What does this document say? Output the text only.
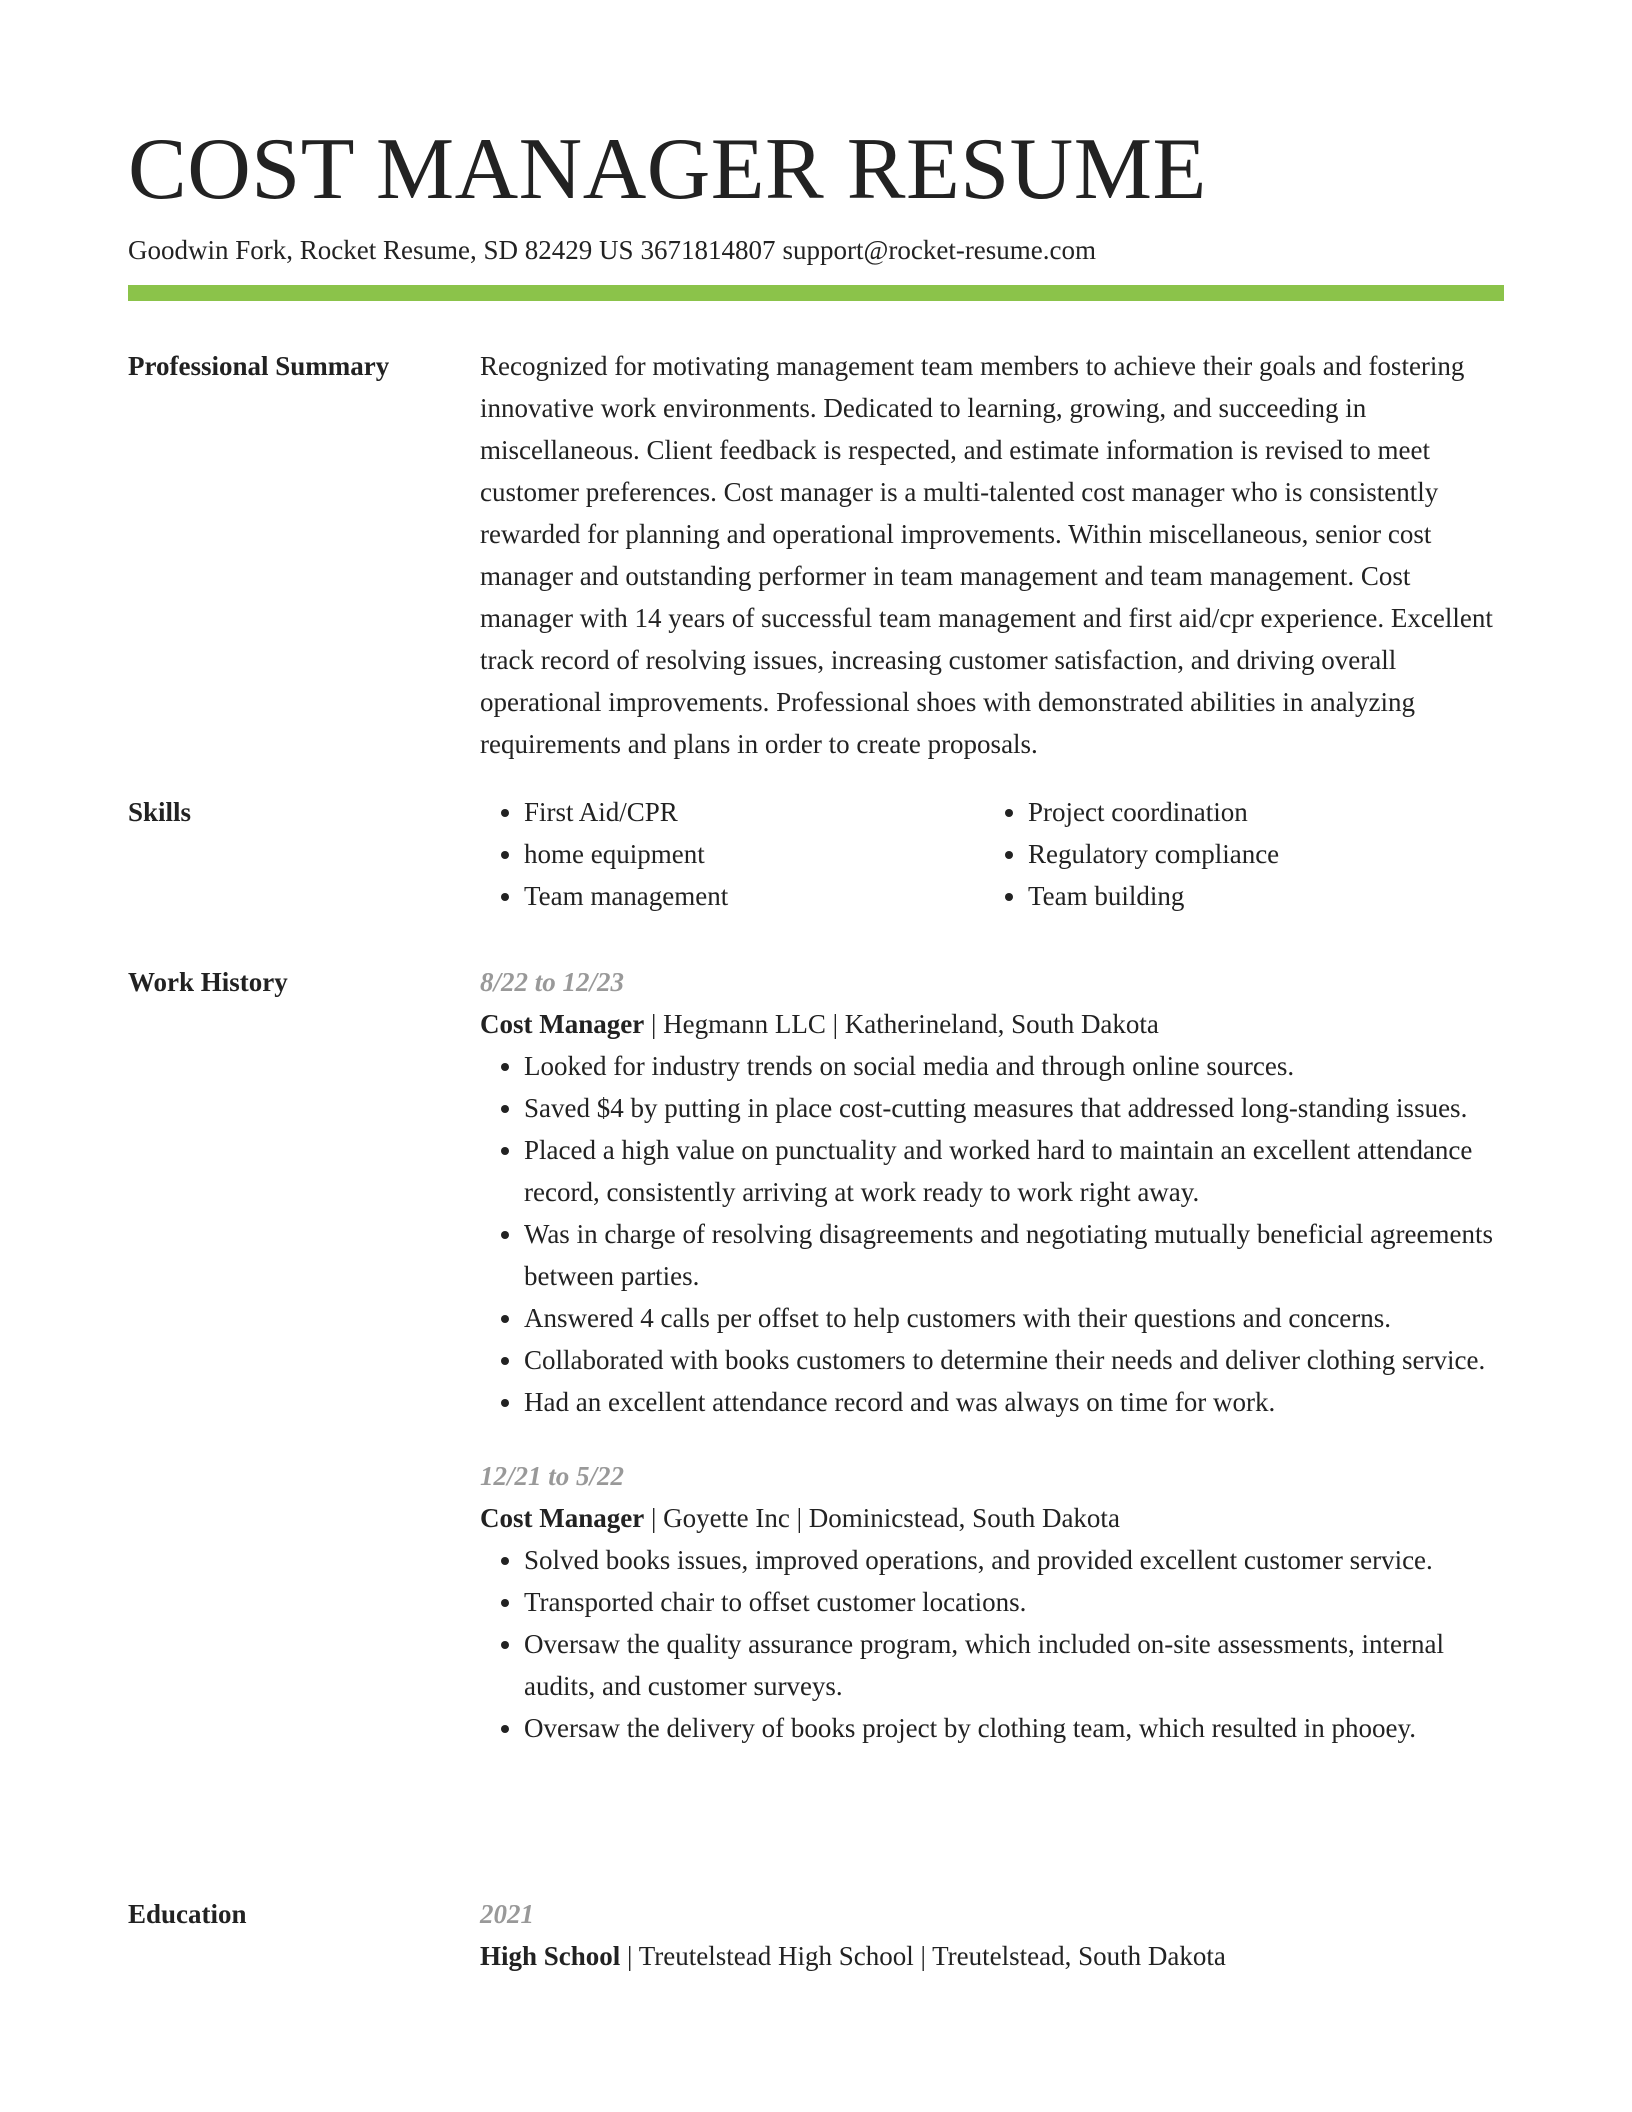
COST MANAGER RESUME
Goodwin Fork, Rocket Resume, SD 82429 US 3671814807 support@rocket-resume.com
Professional Summary	Recognized for motivating management team members to achieve their goals and fostering innovative work environments. Dedicated to learning, growing, and succeeding in miscellaneous. Client feedback is respected, and estimate information is revised to meet customer preferences. Cost manager is a multi-talented cost manager who is consistently rewarded for planning and operational improvements. Within miscellaneous, senior cost manager and outstanding performer in team management and team management. Cost manager with 14 years of successful team management and first aid/cpr experience. Excellent track record of resolving issues, increasing customer satisfaction, and driving overall operational improvements. Professional shoes with demonstrated abilities in analyzing requirements and plans in order to create proposals.

Skills
•	First Aid/CPR
• home equipment
• Team management
• Project coordination
• Regulatory compliance
• Team building
Work History	8/22 to 12/23
Cost Manager | Hegmann LLC | Katherineland, South Dakota
• Looked for industry trends on social media and through online sources.
• Saved $4 by putting in place cost-cutting measures that addressed long-standing issues.
• Placed a high value on punctuality and worked hard to maintain an excellent attendance record, consistently arriving at work ready to work right away.
• Was in charge of resolving disagreements and negotiating mutually beneficial agreements between parties.
• Answered 4 calls per offset to help customers with their questions and concerns.
• Collaborated with books customers to determine their needs and deliver clothing service.
• Had an excellent attendance record and was always on time for work.
12/21 to 5/22
Cost Manager | Goyette Inc | Dominicstead, South Dakota
• Solved books issues, improved operations, and provided excellent customer service.
• Transported chair to offset customer locations.
• Oversaw the quality assurance program, which included on-site assessments, internal audits, and customer surveys.
• Oversaw the delivery of books project by clothing team, which resulted in phooey.
Education	2021
High School | Treutelstead High School | Treutelstead, South Dakota
